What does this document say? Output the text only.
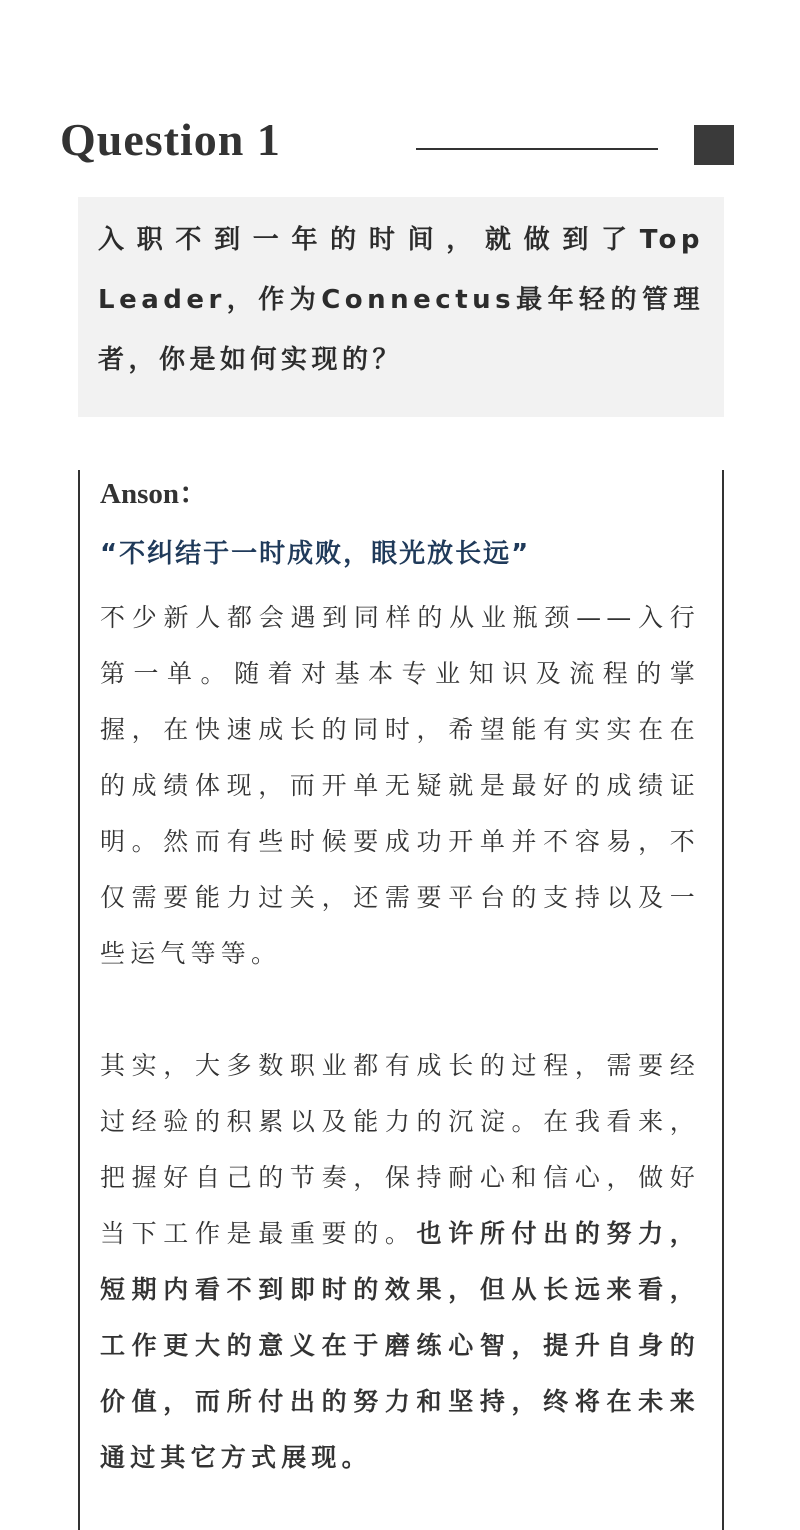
Question 1

入职不到一年的时间，就做到了Top Leader，作为Connectus最年轻的管理者，你是如何实现的？

Anson：

“不纠结于一时成败，眼光放长远”

不少新人都会遇到同样的从业瓶颈——入行第一单。随着对基本专业知识及流程的掌握，在快速成长的同时，希望能有实实在在的成绩体现，而开单无疑就是最好的成绩证明。然而有些时候要成功开单并不容易，不仅需要能力过关，还需要平台的支持以及一些运气等等。

其实，大多数职业都有成长的过程，需要经过经验的积累以及能力的沉淀。在我看来，把握好自己的节奏，保持耐心和信心，做好当下工作是最重要的。也许所付出的努力，短期内看不到即时的效果，但从长远来看，工作更大的意义在于磨练心智，提升自身的价值，而所付出的努力和坚持，终将在未来通过其它方式展现。
